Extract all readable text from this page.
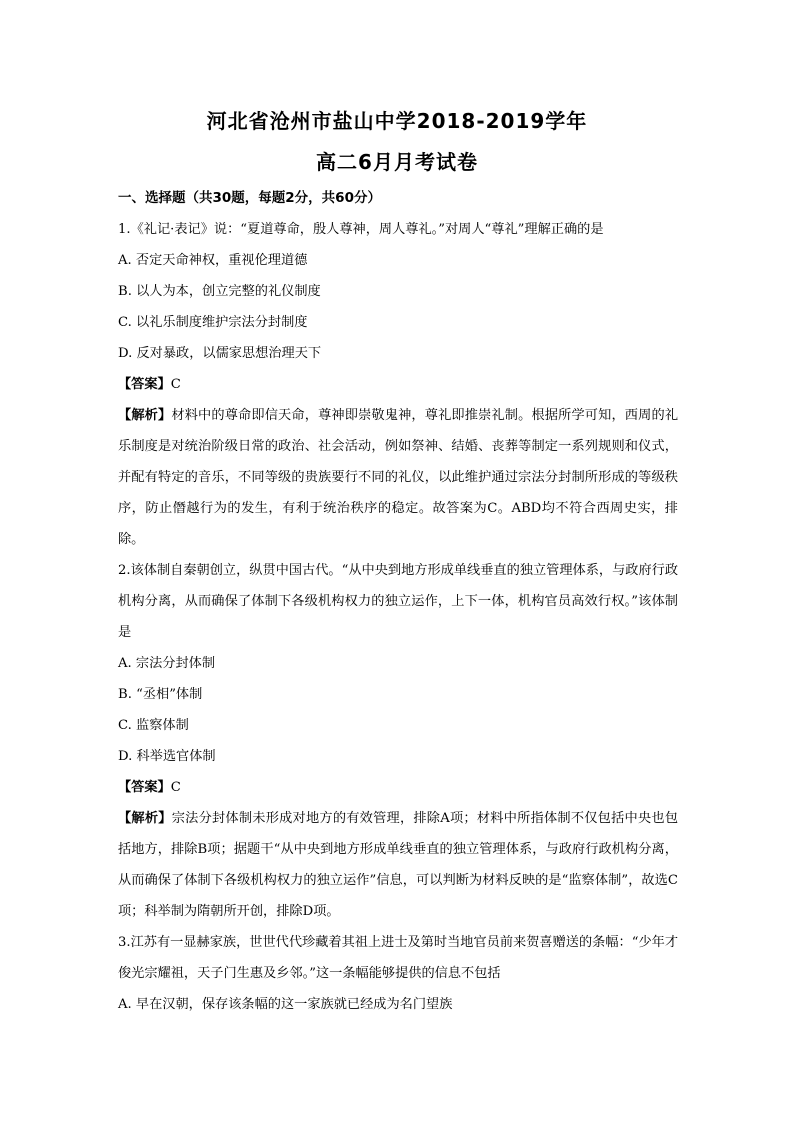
河北省沧州市盐山中学2018-2019学年
高二6月月考试卷
一、选择题（共30题，每题2分，共60分）

1.《礼记·表记》说：“夏道尊命，殷人尊神，周人尊礼。”对周人“尊礼”理解正确的是

A. 否定天命神权，重视伦理道德

B. 以人为本，创立完整的礼仪制度

C. 以礼乐制度维护宗法分封制度

D. 反对暴政，以儒家思想治理天下

【答案】C

【解析】材料中的尊命即信天命，尊神即崇敬鬼神，尊礼即推崇礼制。根据所学可知，西周的礼乐制度是对统治阶级日常的政治、社会活动，例如祭神、结婚、丧葬等制定一系列规则和仪式，并配有特定的音乐，不同等级的贵族要行不同的礼仪，以此维护通过宗法分封制所形成的等级秩序，防止僭越行为的发生，有利于统治秩序的稳定。故答案为C。ABD均不符合西周史实，排除。

2.该体制自秦朝创立，纵贯中国古代。“从中央到地方形成单线垂直的独立管理体系，与政府行政机构分离，从而确保了体制下各级机构权力的独立运作，上下一体，机构官员高效行权。”该体制是

A. 宗法分封体制

B. “丞相”体制

C. 监察体制

D. 科举选官体制

【答案】C

【解析】宗法分封体制未形成对地方的有效管理，排除A项；材料中所指体制不仅包括中央也包括地方，排除B项；据题干“从中央到地方形成单线垂直的独立管理体系，与政府行政机构分离，从而确保了体制下各级机构权力的独立运作”信息，可以判断为材料反映的是“监察体制”，故选C项；科举制为隋朝所开创，排除D项。

3.江苏有一显赫家族，世世代代珍藏着其祖上进士及第时当地官员前来贺喜赠送的条幅：“少年才俊光宗耀祖，天子门生惠及乡邻。”这一条幅能够提供的信息不包括

A. 早在汉朝，保存该条幅的这一家族就已经成为名门望族
